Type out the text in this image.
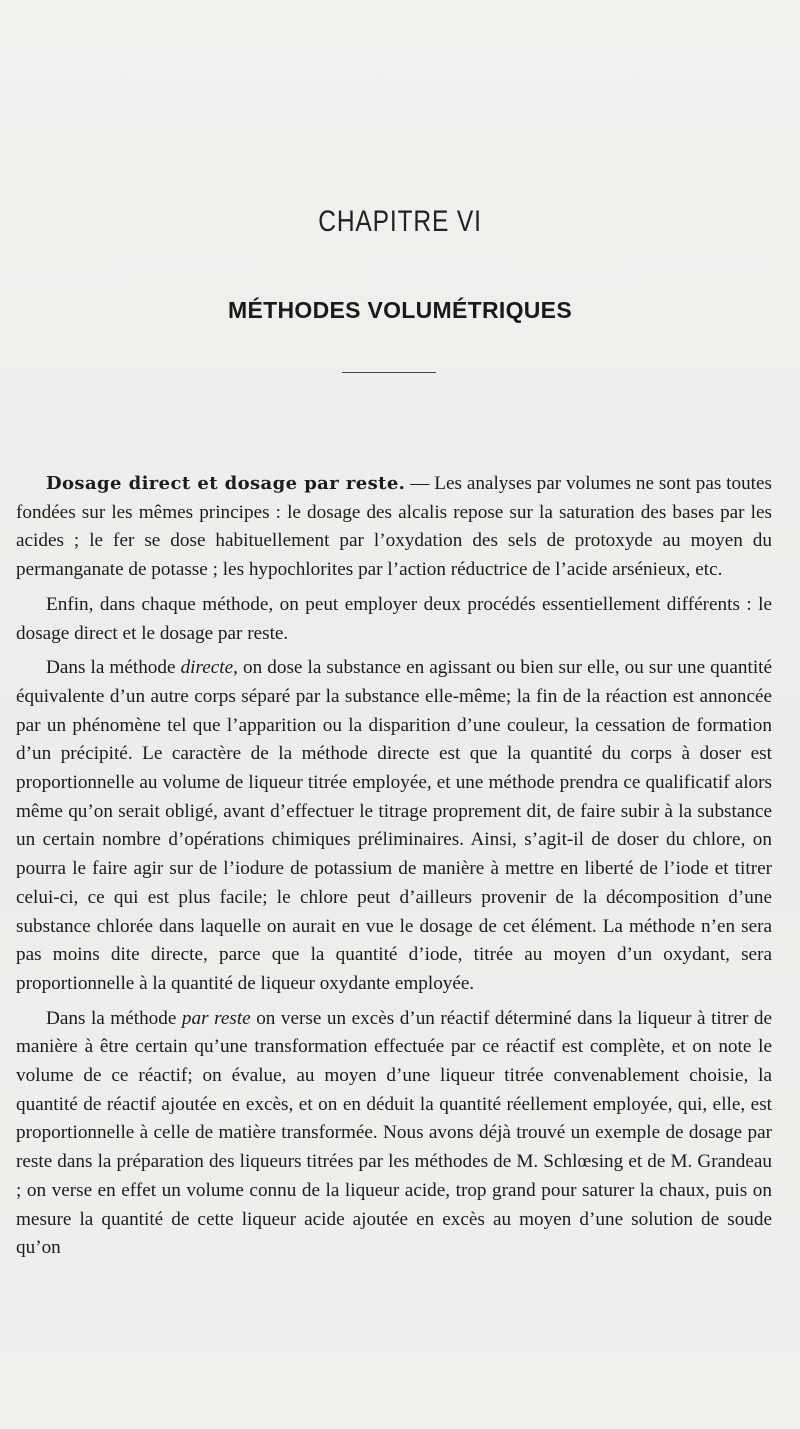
CHAPITRE VI
MÉTHODES VOLUMÉTRIQUES

Dosage direct et dosage par reste. — Les analyses par volumes ne sont pas toutes fondées sur les mêmes principes : le dosage des alcalis repose sur la saturation des bases par les acides ; le fer se dose habituellement par l’oxydation des sels de protoxyde au moyen du permanganate de potasse ; les hypochlorites par l’action réductrice de l’acide arsénieux, etc.

Enfin, dans chaque méthode, on peut employer deux procédés essentiellement différents : le dosage direct et le dosage par reste.

Dans la méthode directe, on dose la substance en agissant ou bien sur elle, ou sur une quantité équivalente d’un autre corps séparé par la substance elle-même; la fin de la réaction est annoncée par un phénomène tel que l’apparition ou la disparition d’une couleur, la cessation de formation d’un précipité. Le caractère de la méthode directe est que la quantité du corps à doser est proportionnelle au volume de liqueur titrée employée, et une méthode prendra ce qualificatif alors même qu’on serait obligé, avant d’effectuer le titrage proprement dit, de faire subir à la substance un certain nombre d’opérations chimiques préliminaires. Ainsi, s’agit-il de doser du chlore, on pourra le faire agir sur de l’iodure de potassium de manière à mettre en liberté de l’iode et titrer celui-ci, ce qui est plus facile; le chlore peut d’ailleurs provenir de la décomposition d’une substance chlorée dans laquelle on aurait en vue le dosage de cet élément. La méthode n’en sera pas moins dite directe, parce que la quantité d’iode, titrée au moyen d’un oxydant, sera proportionnelle à la quantité de liqueur oxydante employée.

Dans la méthode par reste on verse un excès d’un réactif déterminé dans la liqueur à titrer de manière à être certain qu’une transformation effectuée par ce réactif est complète, et on note le volume de ce réactif; on évalue, au moyen d’une liqueur titrée convenablement choisie, la quantité de réactif ajoutée en excès, et on en déduit la quantité réellement employée, qui, elle, est proportionnelle à celle de matière transformée. Nous avons déjà trouvé un exemple de dosage par reste dans la préparation des liqueurs titrées par les méthodes de M. Schlœsing et de M. Grandeau ; on verse en effet un volume connu de la liqueur acide, trop grand pour saturer la chaux, puis on mesure la quantité de cette liqueur acide ajoutée en excès au moyen d’une solution de soude qu’on
